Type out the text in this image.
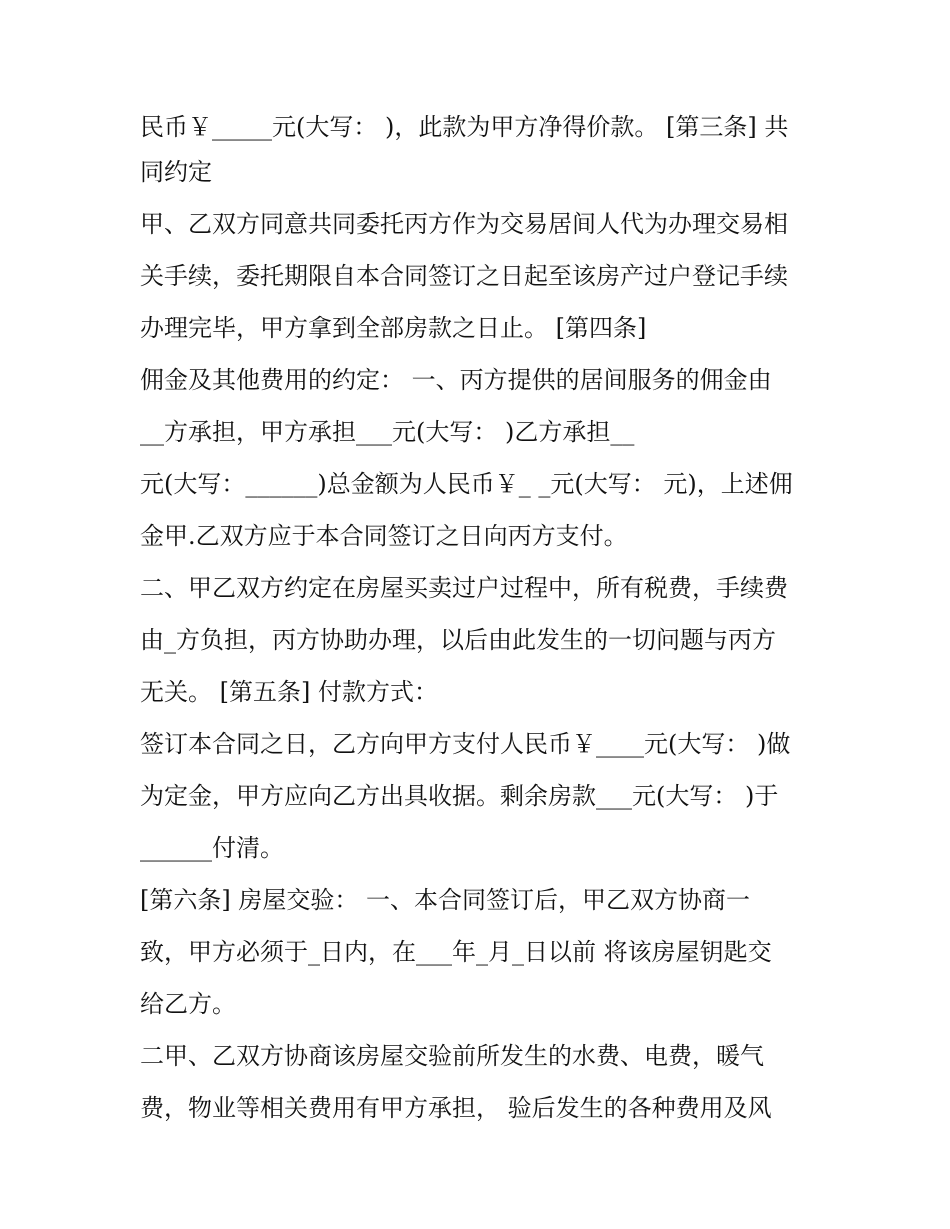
民币￥_____元(大写： )，此款为甲方净得价款。 [第三条] 共

同约定

甲、乙双方同意共同委托丙方作为交易居间人代为办理交易相

关手续，委托期限自本合同签订之日起至该房产过户登记手续

办理完毕，甲方拿到全部房款之日止。 [第四条]

佣金及其他费用的约定： 一、丙方提供的居间服务的佣金由

__方承担，甲方承担___元(大写： )乙方承担__

元(大写：______)总金额为人民币￥_ _元(大写： 元)，上述佣

金甲.乙双方应于本合同签订之日向丙方支付。

二、甲乙双方约定在房屋买卖过户过程中，所有税费，手续费

由_方负担，丙方协助办理，以后由此发生的一切问题与丙方

无关。 [第五条] 付款方式：

签订本合同之日，乙方向甲方支付人民币￥____元(大写： )做

为定金，甲方应向乙方出具收据。剩余房款___元(大写： )于

______付清。

[第六条] 房屋交验： 一、本合同签订后，甲乙双方协商一

致，甲方必须于_日内，在___年_月_日以前 将该房屋钥匙交

给乙方。

二甲、乙双方协商该房屋交验前所发生的水费、电费，暖气

费，物业等相关费用有甲方承担， 验后发生的各种费用及风
